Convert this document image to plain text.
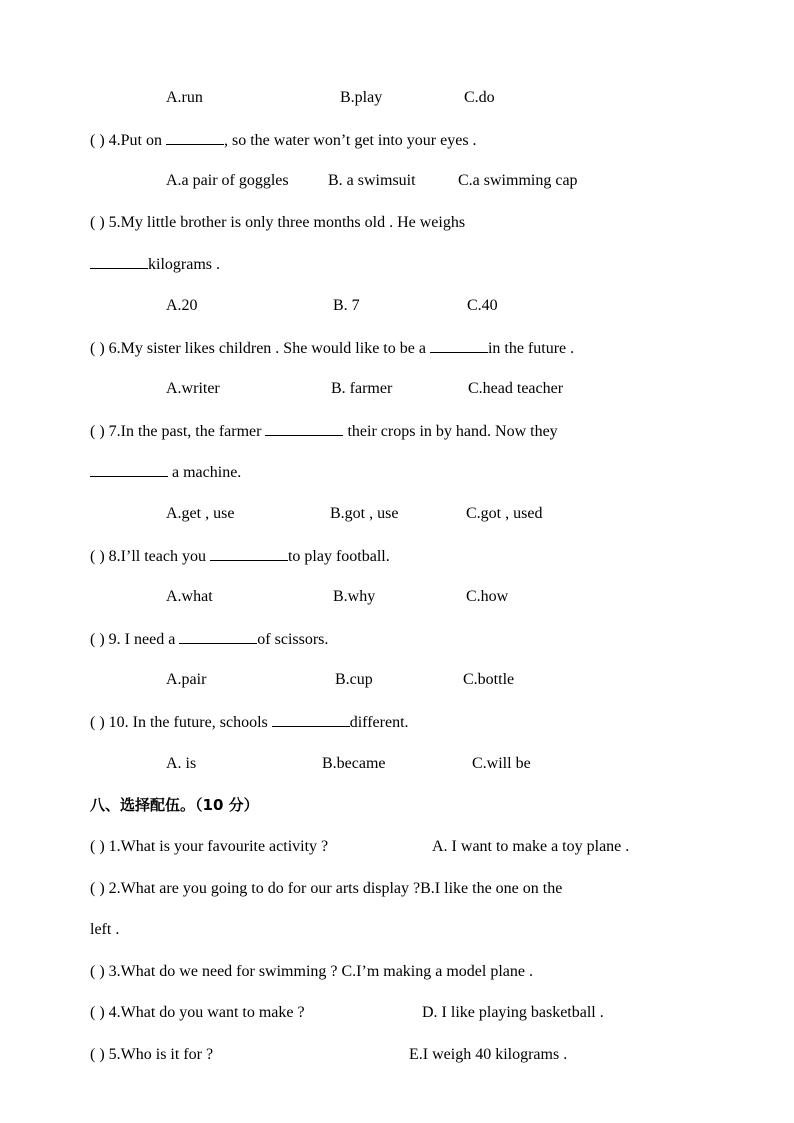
A.run	B.play	C.do
( ) 4.Put on	, so the water won’t get into your eyes .
A.a pair of goggles B. a swimsuit	C.a swimming cap
( ) 5.My little brother is only three months old . He weighs
kilograms .
A.20	B. 7	C.40
( ) 6.My sister likes children . She would like to be a	in the future .
A.writer	B. farmer	C.head teacher
( ) 7.In the past, the farmer	their crops in by hand. Now they
a machine.
A.get , use	B.got , use	C.got , used
( ) 8.I’ll teach you	to play football.
A.what	B.why	C.how
( ) 9. I need a	of scissors.
A.pair	B.cup	C.bottle
( ) 10. In the future, schools	different.
A. is	B.became	C.will be
八、选择配伍。（10 分）
( ) 1.What is your favourite activity ?	A. I want to make a toy plane .
( ) 2.What are you going to do for our arts display ?B.I like the one on the
left .
( ) 3.What do we need for swimming ? C.I’m making a model plane .
( ) 4.What do you want to make ?	D. I like playing basketball .
( ) 5.Who is it for ?	E.I weigh 40 kilograms .
